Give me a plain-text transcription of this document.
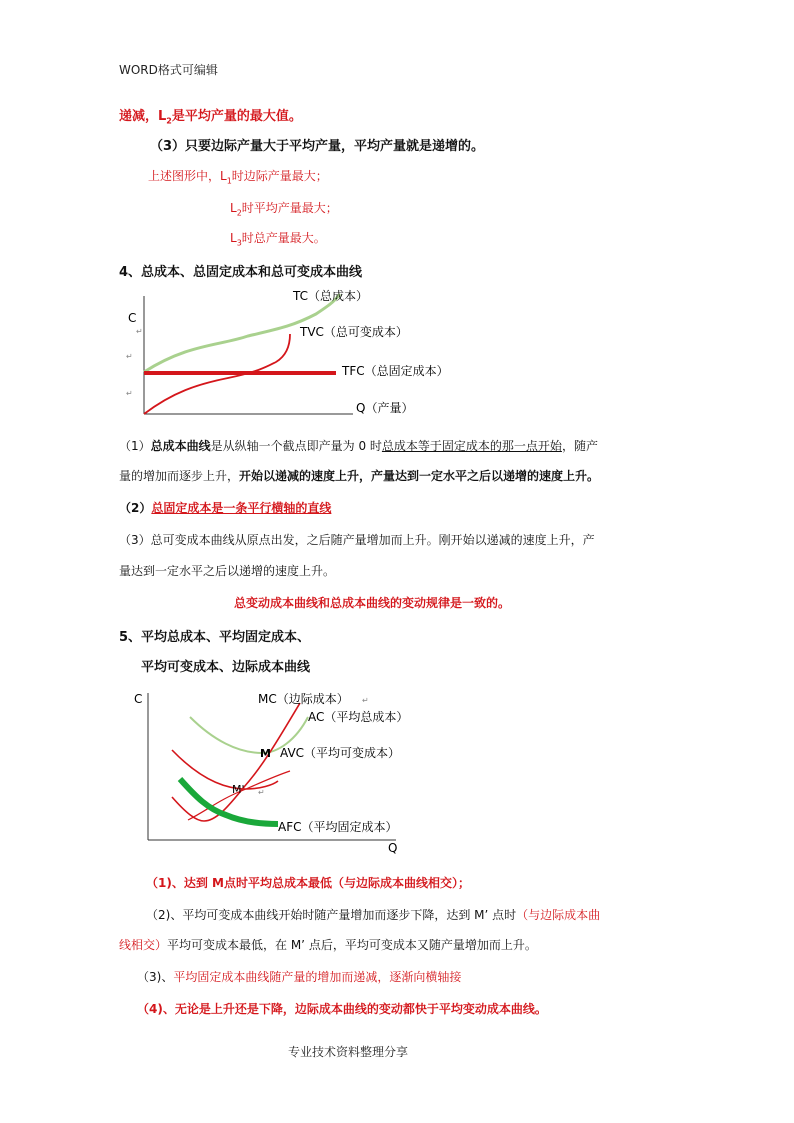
WORD格式可编辑
递减，$L_2$是平均产量的最大值。
（3）只要边际产量大于平均产量，平均产量就是递增的。
上述图形中，$L_1$时边际产量最大；
$L_2$时平均产量最大；
$L_3$时总产量最大。
4、总成本、总固定成本和总可变成本曲线
C
↵
↵
↵
TC（总成本）
TVC（总可变成本）
TFC（总固定成本）
Q（产量）
（1）总成本曲线是从纵轴一个截点即产量为 0 时总成本等于固定成本的那一点开始，随产
量的增加而逐步上升，开始以递减的速度上升，产量达到一定水平之后以递增的速度上升。
（2）总固定成本是一条平行横轴的直线
（3）总可变成本曲线从原点出发，之后随产量增加而上升。刚开始以递减的速度上升，产
量达到一定水平之后以递增的速度上升。
总变动成本曲线和总成本曲线的变动规律是一致的。
5、平均总成本、平均固定成本、
平均可变成本、边际成本曲线
C	MC（边际成本） ↵
AC（平均总成本）
M AVC（平均可变成本）
M' ↵
AFC（平均固定成本）
Q
（1)、达到 M点时平均总成本最低（与边际成本曲线相交）；
（2)、平均可变成本曲线开始时随产量增加而逐步下降，达到 M’ 点时（与边际成本曲
线相交）平均可变成本最低，在 M’ 点后，平均可变成本又随产量增加而上升。
（3)、平均固定成本曲线随产量的增加而递减，逐渐向横轴接
（4)、无论是上升还是下降，边际成本曲线的变动都快于平均变动成本曲线。
专业技术资料整理分享
